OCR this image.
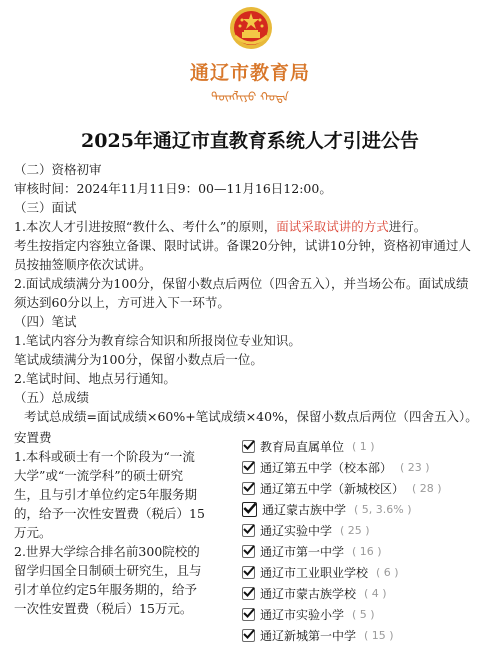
通辽市教育局
ᠲᠦᠩᠯᠢᠶᠣ ᠬᠣᠲᠠ
2025年通辽市直教育系统人才引进公告
（二）资格初审
审核时间：2024年11月11日9：00—11月16日12:00。
（三）面试
1.本次人才引进按照“教什么、考什么”的原则，面试采取试讲的方式进行。
考生按指定内容独立备课、限时试讲。备课20分钟，试讲10分钟，资格初审通过人
员按抽签顺序依次试讲。
2.面试成绩满分为100分，保留小数点后两位（四舍五入），并当场公布。面试成绩
须达到60分以上，方可进入下一环节。
（四）笔试
1.笔试内容分为教育综合知识和所报岗位专业知识。
笔试成绩满分为100分，保留小数点后一位。
2.笔试时间、地点另行通知。
（五）总成绩
考试总成绩=面试成绩×60%+笔试成绩×40%，保留小数点后两位（四舍五入）。

安置费

1.本科或硕士有一个阶段为“一流

大学”或“一流学科”的硕士研究

生，且与引才单位约定5年服务期

的，给予一次性安置费（税后）15

万元。

2.世界大学综合排名前300院校的

留学归国全日制硕士研究生，且与

引才单位约定5年服务期的，给予

一次性安置费（税后）15万元。

教育局直属单位 ( 1 )
通辽第五中学（校本部） ( 23 )
通辽第五中学（新城校区） ( 28 )
通辽蒙古族中学 ( 5, 3.6% )
通辽实验中学 ( 25 )
通辽市第一中学 ( 16 )
通辽市工业职业学校 ( 6 )
通辽市蒙古族学校 ( 4 )
通辽市实验小学 ( 5 )
通辽新城第一中学 ( 15 )
